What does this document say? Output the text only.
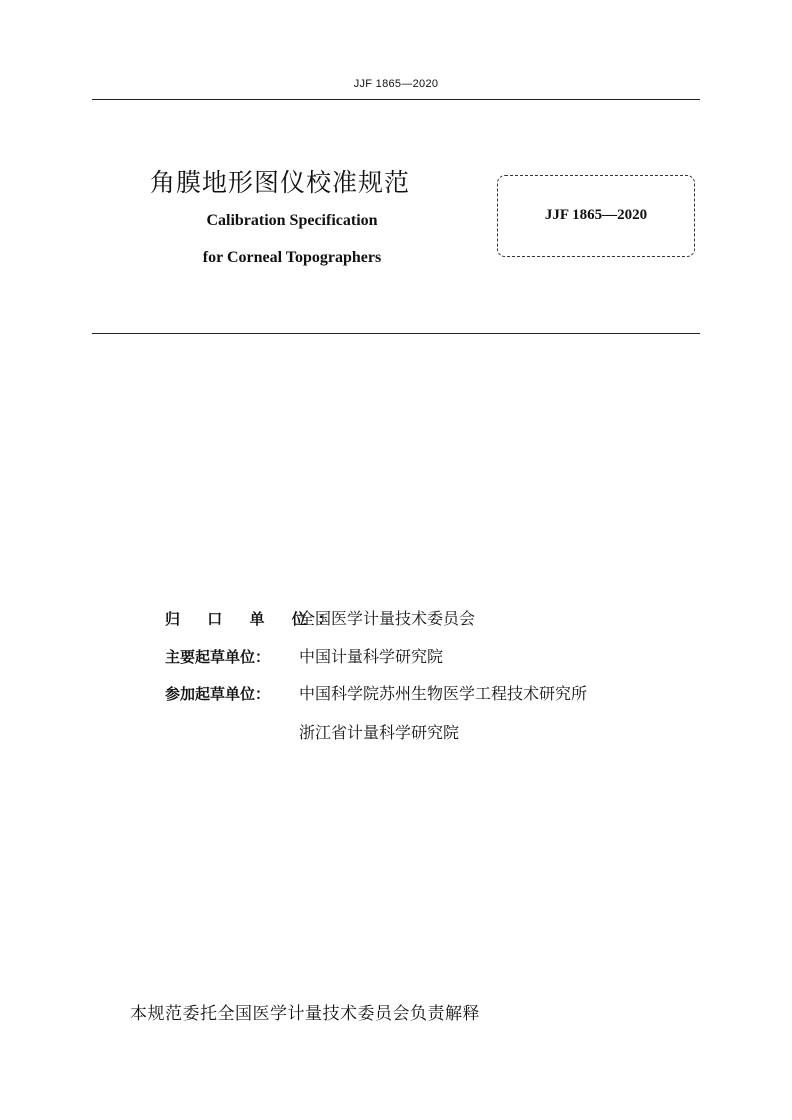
JJF 1865—2020
角膜地形图仪校准规范
Calibration Specification
for Corneal Topographers
JJF 1865—2020
归 口 单 位：全国医学计量技术委员会
主要起草单位： 中国计量科学研究院
参加起草单位： 中国科学院苏州生物医学工程技术研究所
浙江省计量科学研究院
本规范委托全国医学计量技术委员会负责解释
